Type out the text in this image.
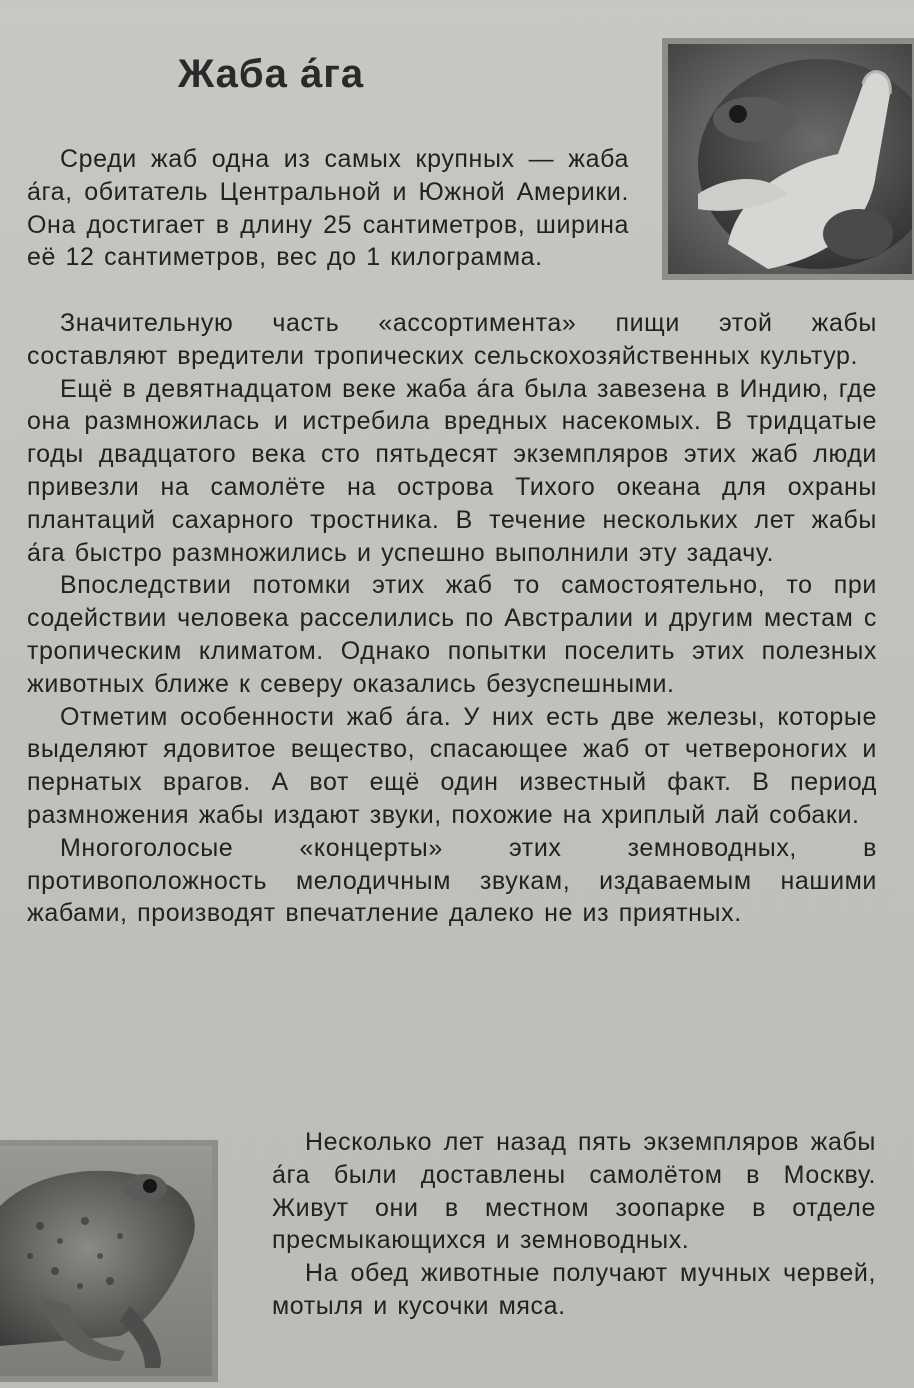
Жаба а́га

Среди жаб одна из самых крупных — жаба а́га, обитатель Центральной и Южной Америки. Она достигает в длину 25 сантиметров, ширина её 12 сантиметров, вес до 1 килограмма.

Значительную часть «ассортимента» пищи этой жабы составляют вредители тропических сельскохозяйственных культур.

Ещё в девятнадцатом веке жаба а́га была завезена в Индию, где она размножилась и истребила вредных насекомых. В тридцатые годы двадцатого века сто пятьдесят экземпляров этих жаб люди привезли на самолёте на острова Тихого океана для охраны плантаций сахарного тростника. В течение нескольких лет жабы а́га быстро размножились и успешно выполнили эту задачу.

Впоследствии потомки этих жаб то самостоятельно, то при содействии человека расселились по Австралии и другим местам с тропическим климатом. Однако попытки поселить этих полезных животных ближе к северу оказались безуспешными.

Отметим особенности жаб а́га. У них есть две железы, которые выделяют ядовитое вещество, спасающее жаб от четвероногих и пернатых врагов. А вот ещё один известный факт. В период размножения жабы издают звуки, похожие на хриплый лай собаки.

Многоголосые «концерты» этих земноводных, в противоположность мелодичным звукам, издаваемым нашими жабами, производят впечатление далеко не из приятных.

Несколько лет назад пять экземпляров жабы а́га были доставлены самолётом в Москву. Живут они в местном зоопарке в отделе пресмыкающихся и земноводных.

На обед животные получают мучных червей, мотыля и кусочки мяса.
